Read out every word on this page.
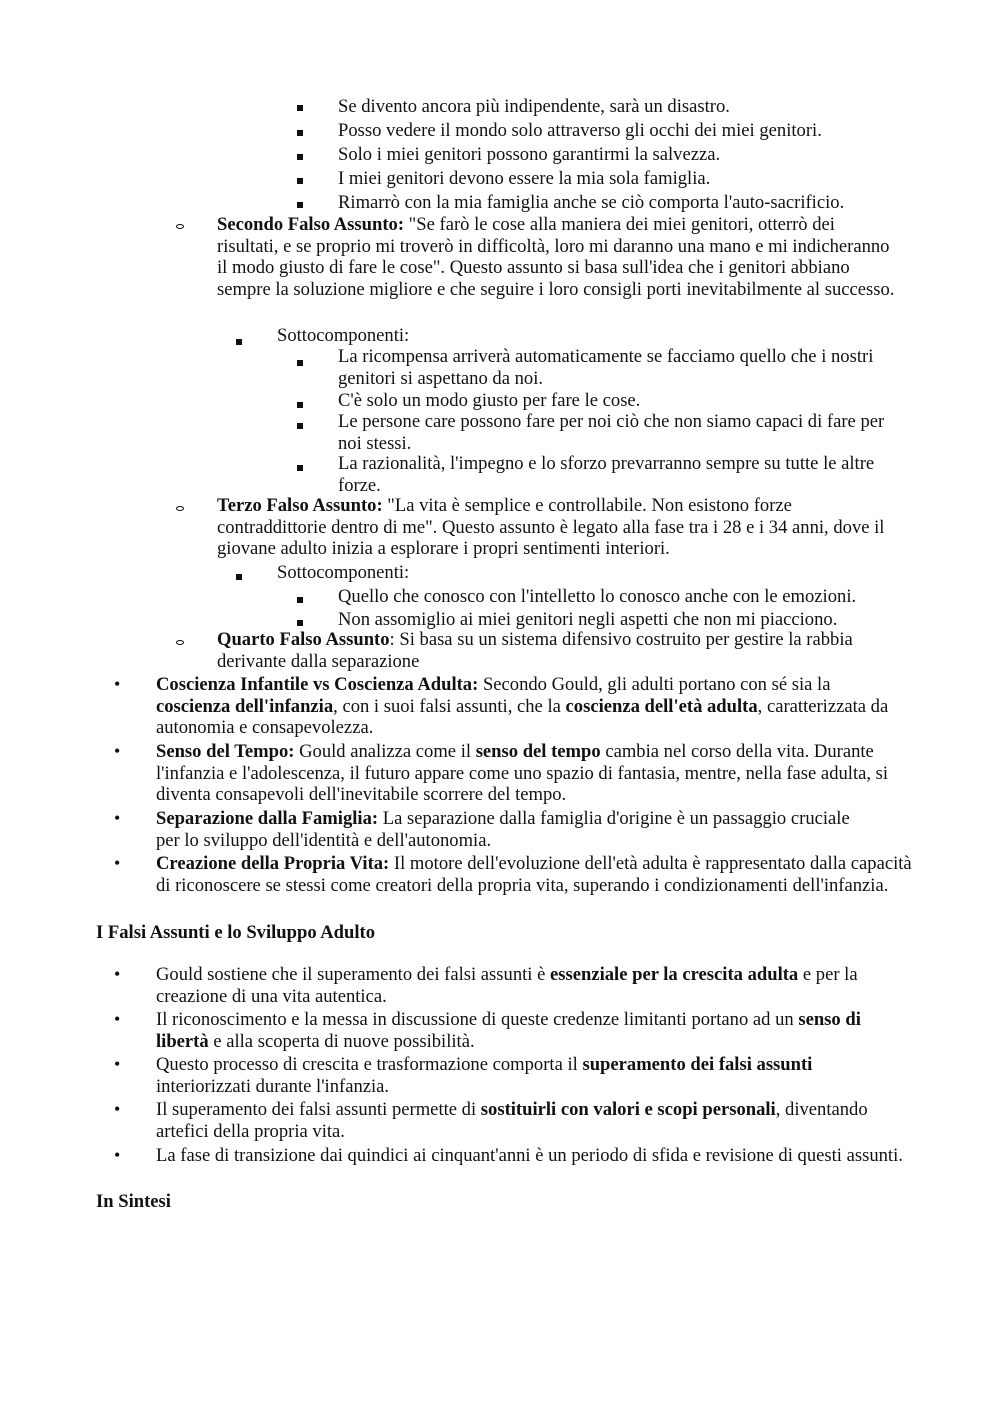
Se divento ancora più indipendente, sarà un disastro.
Posso vedere il mondo solo attraverso gli occhi dei miei genitori.
Solo i miei genitori possono garantirmi la salvezza.
I miei genitori devono essere la mia sola famiglia.
Rimarrò con la mia famiglia anche se ciò comporta l'auto-sacrificio.
Secondo Falso Assunto: "Se farò le cose alla maniera dei miei genitori, otterrò dei risultati, e se proprio mi troverò in difficoltà, loro mi daranno una mano e mi indicheranno il modo giusto di fare le cose". Questo assunto si basa sull'idea che i genitori abbiano sempre la soluzione migliore e che seguire i loro consigli porti inevitabilmente al successo.
Sottocomponenti:
La ricompensa arriverà automaticamente se facciamo quello che i nostri genitori si aspettano da noi.
C'è solo un modo giusto per fare le cose.
Le persone care possono fare per noi ciò che non siamo capaci di fare per noi stessi.
La razionalità, l'impegno e lo sforzo prevarranno sempre su tutte le altre forze.
Terzo Falso Assunto: "La vita è semplice e controllabile. Non esistono forze contraddittorie dentro di me". Questo assunto è legato alla fase tra i 28 e i 34 anni, dove il giovane adulto inizia a esplorare i propri sentimenti interiori.
Sottocomponenti:
Quello che conosco con l'intelletto lo conosco anche con le emozioni.
Non assomiglio ai miei genitori negli aspetti che non mi piacciono.
Quarto Falso Assunto: Si basa su un sistema difensivo costruito per gestire la rabbia derivante dalla separazione
• Coscienza Infantile vs Coscienza Adulta: Secondo Gould, gli adulti portano con sé sia la coscienza dell'infanzia, con i suoi falsi assunti, che la coscienza dell'età adulta, caratterizzata da autonomia e consapevolezza.
• Senso del Tempo: Gould analizza come il senso del tempo cambia nel corso della vita. Durante l'infanzia e l'adolescenza, il futuro appare come uno spazio di fantasia, mentre, nella fase adulta, si diventa consapevoli dell'inevitabile scorrere del tempo.
• Separazione dalla Famiglia: La separazione dalla famiglia d'origine è un passaggio cruciale per lo sviluppo dell'identità e dell'autonomia.
• Creazione della Propria Vita: Il motore dell'evoluzione dell'età adulta è rappresentato dalla capacità di riconoscere se stessi come creatori della propria vita, superando i condizionamenti dell'infanzia.
I Falsi Assunti e lo Sviluppo Adulto
• Gould sostiene che il superamento dei falsi assunti è essenziale per la crescita adulta e per la creazione di una vita autentica.
• Il riconoscimento e la messa in discussione di queste credenze limitanti portano ad un senso di libertà e alla scoperta di nuove possibilità.
• Questo processo di crescita e trasformazione comporta il superamento dei falsi assunti interiorizzati durante l'infanzia.
• Il superamento dei falsi assunti permette di sostituirli con valori e scopi personali, diventando artefici della propria vita.
• La fase di transizione dai quindici ai cinquant'anni è un periodo di sfida e revisione di questi assunti.
In Sintesi
